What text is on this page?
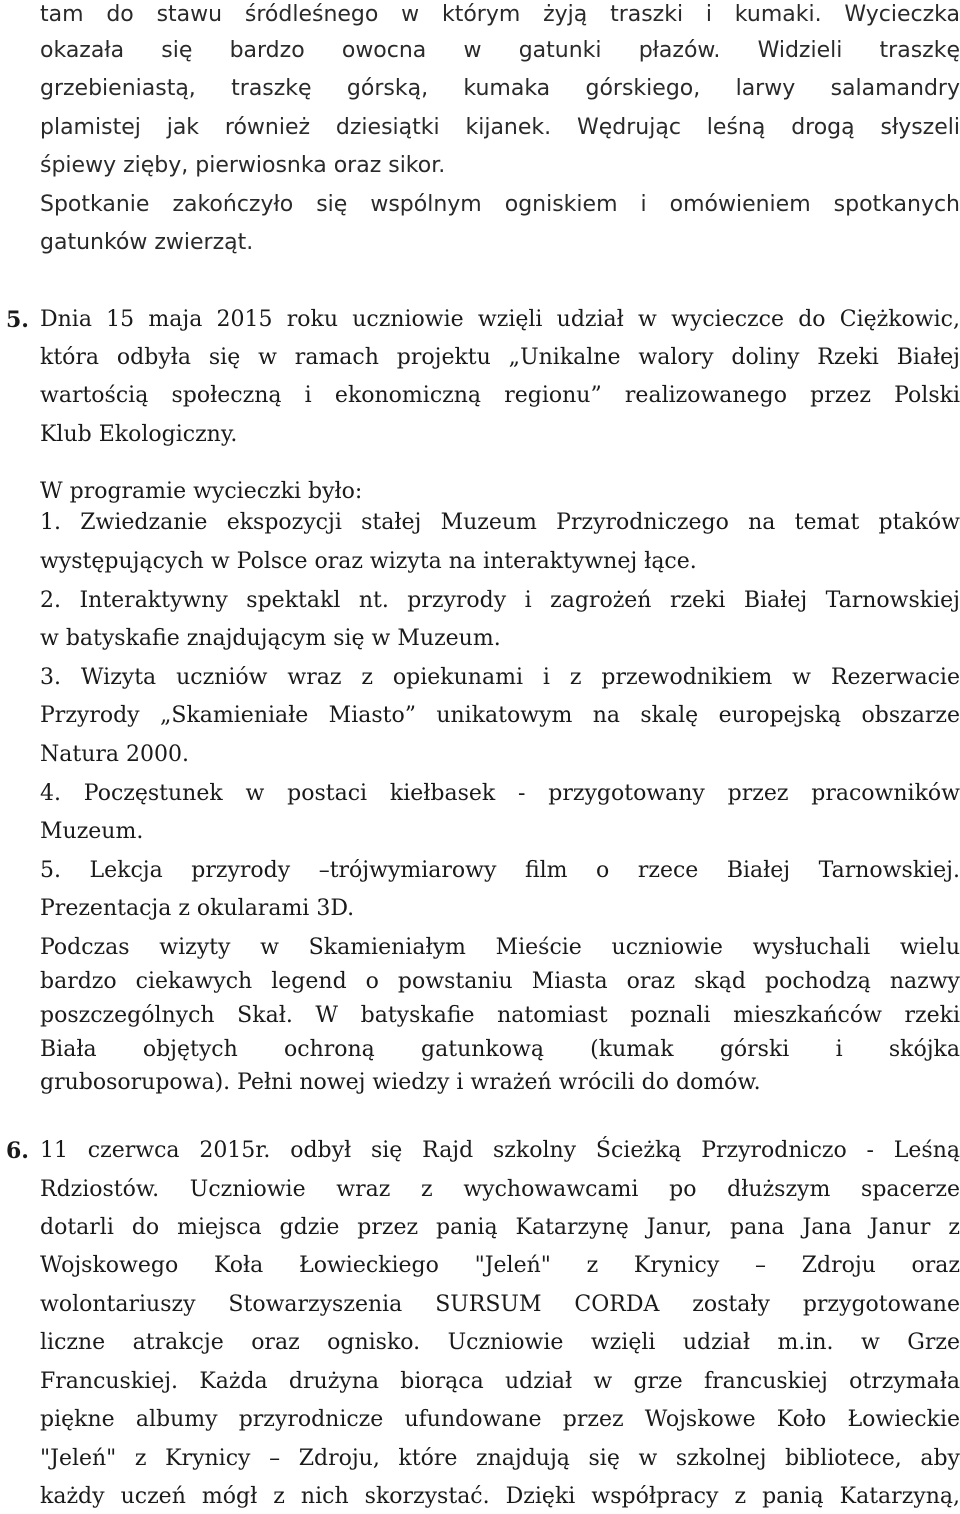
tam do stawu śródleśnego w którym żyją traszki i kumaki. Wycieczka

okazała się bardzo owocna w gatunki płazów. Widzieli traszkę

grzebieniastą, traszkę górską, kumaka górskiego, larwy salamandry

plamistej jak również dziesiątki kijanek. Wędrując leśną drogą słyszeli

śpiewy zięby, pierwiosnka oraz sikor.

Spotkanie zakończyło się wspólnym ogniskiem i omówieniem spotkanych

gatunków zwierząt.

5. Dnia 15 maja 2015 roku uczniowie wzięli udział w wycieczce do Ciężkowic,

która odbyła się w ramach projektu „Unikalne walory doliny Rzeki Białej

wartością społeczną i ekonomiczną regionu” realizowanego przez Polski

Klub Ekologiczny.

W programie wycieczki było:

1. Zwiedzanie ekspozycji stałej Muzeum Przyrodniczego na temat ptaków

występujących w Polsce oraz wizyta na interaktywnej łące.

2. Interaktywny spektakl nt. przyrody i zagrożeń rzeki Białej Tarnowskiej

w batyskafie znajdującym się w Muzeum.

3. Wizyta uczniów wraz z opiekunami i z przewodnikiem w Rezerwacie

Przyrody „Skamieniałe Miasto” unikatowym na skalę europejską obszarze

Natura 2000.

4. Poczęstunek w postaci kiełbasek - przygotowany przez pracowników

Muzeum.

5. Lekcja przyrody –trójwymiarowy film o rzece Białej Tarnowskiej.

Prezentacja z okularami 3D.

Podczas wizyty w Skamieniałym Mieście uczniowie wysłuchali wielu

bardzo ciekawych legend o powstaniu Miasta oraz skąd pochodzą nazwy

poszczególnych Skał. W batyskafie natomiast poznali mieszkańców rzeki

Biała objętych ochroną gatunkową (kumak górski i skójka

grubosorupowa). Pełni nowej wiedzy i wrażeń wrócili do domów.

6. 11 czerwca 2015r. odbył się Rajd szkolny Ścieżką Przyrodniczo - Leśną

Rdziostów. Uczniowie wraz z wychowawcami po dłuższym spacerze

dotarli do miejsca gdzie przez panią Katarzynę Janur, pana Jana Janur z

Wojskowego Koła Łowieckiego "Jeleń" z Krynicy – Zdroju oraz

wolontariuszy Stowarzyszenia SURSUM CORDA zostały przygotowane

liczne atrakcje oraz ognisko. Uczniowie wzięli udział m.in. w Grze

Francuskiej. Każda drużyna biorąca udział w grze francuskiej otrzymała

piękne albumy przyrodnicze ufundowane przez Wojskowe Koło Łowieckie

"Jeleń" z Krynicy – Zdroju, które znajdują się w szkolnej bibliotece, aby

każdy uczeń mógł z nich skorzystać. Dzięki współpracy z panią Katarzyną,
